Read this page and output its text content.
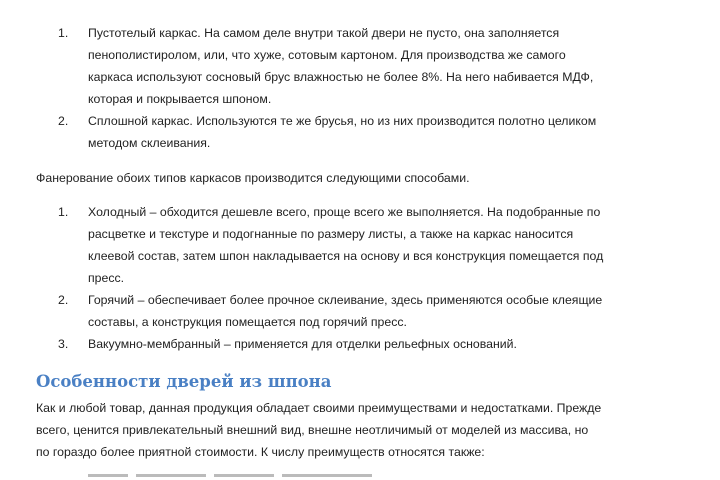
1. Пустотелый каркас. На самом деле внутри такой двери не пусто, она заполняется
пенополистиролом, или, что хуже, сотовым картоном. Для производства же самого
каркаса используют сосновый брус влажностью не более 8%. На него набивается МДФ,
которая и покрывается шпоном.
2. Сплошной каркас. Используются те же брусья, но из них производится полотно целиком
методом склеивания.

Фанерование обоих типов каркасов производится следующими способами.

1. Холодный – обходится дешевле всего, проще всего же выполняется. На подобранные по
расцветке и текстуре и подогнанные по размеру листы, а также на каркас наносится
клеевой состав, затем шпон накладывается на основу и вся конструкция помещается под
пресс.
2. Горячий – обеспечивает более прочное склеивание, здесь применяются особые клеящие
составы, а конструкция помещается под горячий пресс.
3. Вакуумно-мембранный – применяется для отделки рельефных оснований.
Особенности дверей из шпона
Как и любой товар, данная продукция обладает своими преимуществами и недостатками. Прежде
всего, ценится привлекательный внешний вид, внешне неотличимый от моделей из массива, но
по гораздо более приятной стоимости. К числу преимуществ относятся также:
